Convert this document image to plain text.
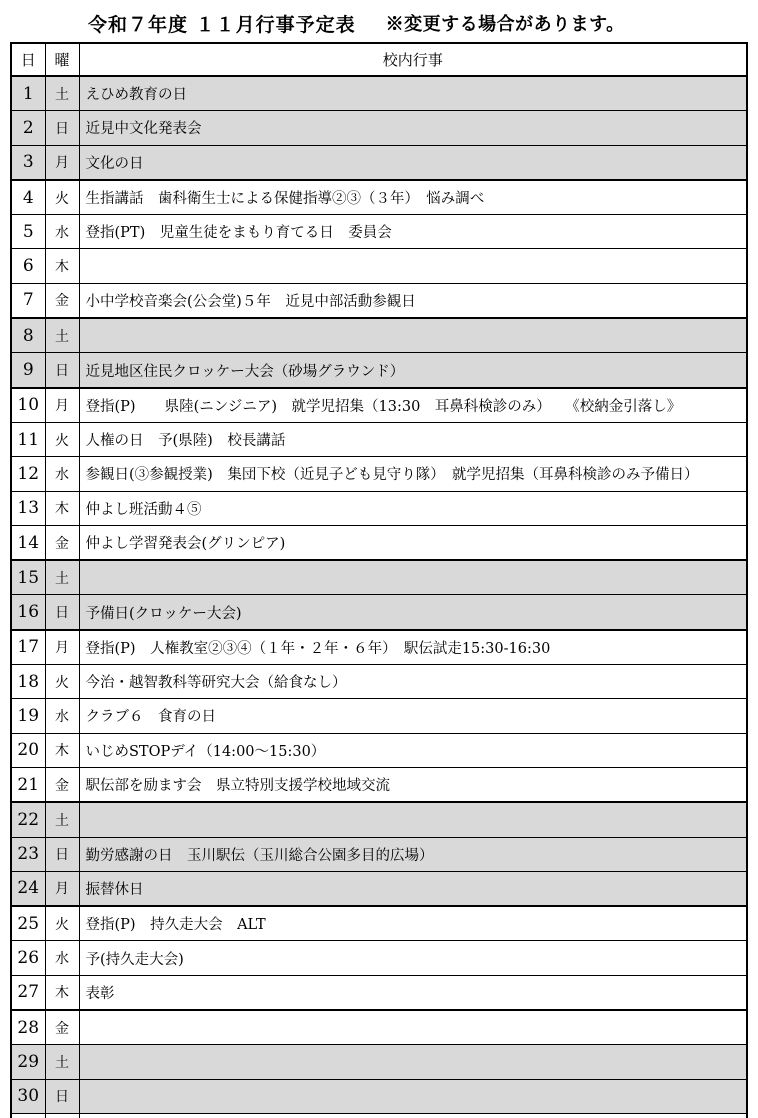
令和７年度 １１月行事予定表 ※変更する場合があります。
日	曜	校内行事
1	土	えひめ教育の日
2	日	近見中文化発表会
3	月	文化の日
4	火	生指講話　歯科衛生士による保健指導②③（３年）　悩み調べ
5	水	登指(PT)　児童生徒をまもり育てる日　委員会
6	木	
7	金	小中学校音楽会(公会堂)５年　近見中部活動参観日
8	土	
9	日	近見地区住民クロッケー大会（砂場グラウンド）
10	月	登指(P)　　県陸(ニンジニア)　就学児招集（13:30　耳鼻科検診のみ）　　《校納金引落し》
11	火	人権の日　予(県陸)　校長講話
12	水	参観日(③参観授業)　集団下校（近見子ども見守り隊）　就学児招集（耳鼻科検診のみ予備日）
13	木	仲よし班活動４⑤
14	金	仲よし学習発表会(グリンピア)
15	土	
16	日	予備日(クロッケー大会)
17	月	登指(P)　人権教室②③④（１年・２年・６年）　駅伝試走15:30-16:30
18	火	今治・越智教科等研究大会（給食なし）
19	水	クラブ６　食育の日
20	木	いじめSTOPデイ（14:00～15:30）
21	金	駅伝部を励ます会　県立特別支援学校地域交流
22	土	
23	日	勤労感謝の日　玉川駅伝（玉川総合公園多目的広場）
24	月	振替休日
25	火	登指(P)　持久走大会　ALT
26	水	予(持久走大会)
27	木	表彰
28	金	
29	土	
30	日	
